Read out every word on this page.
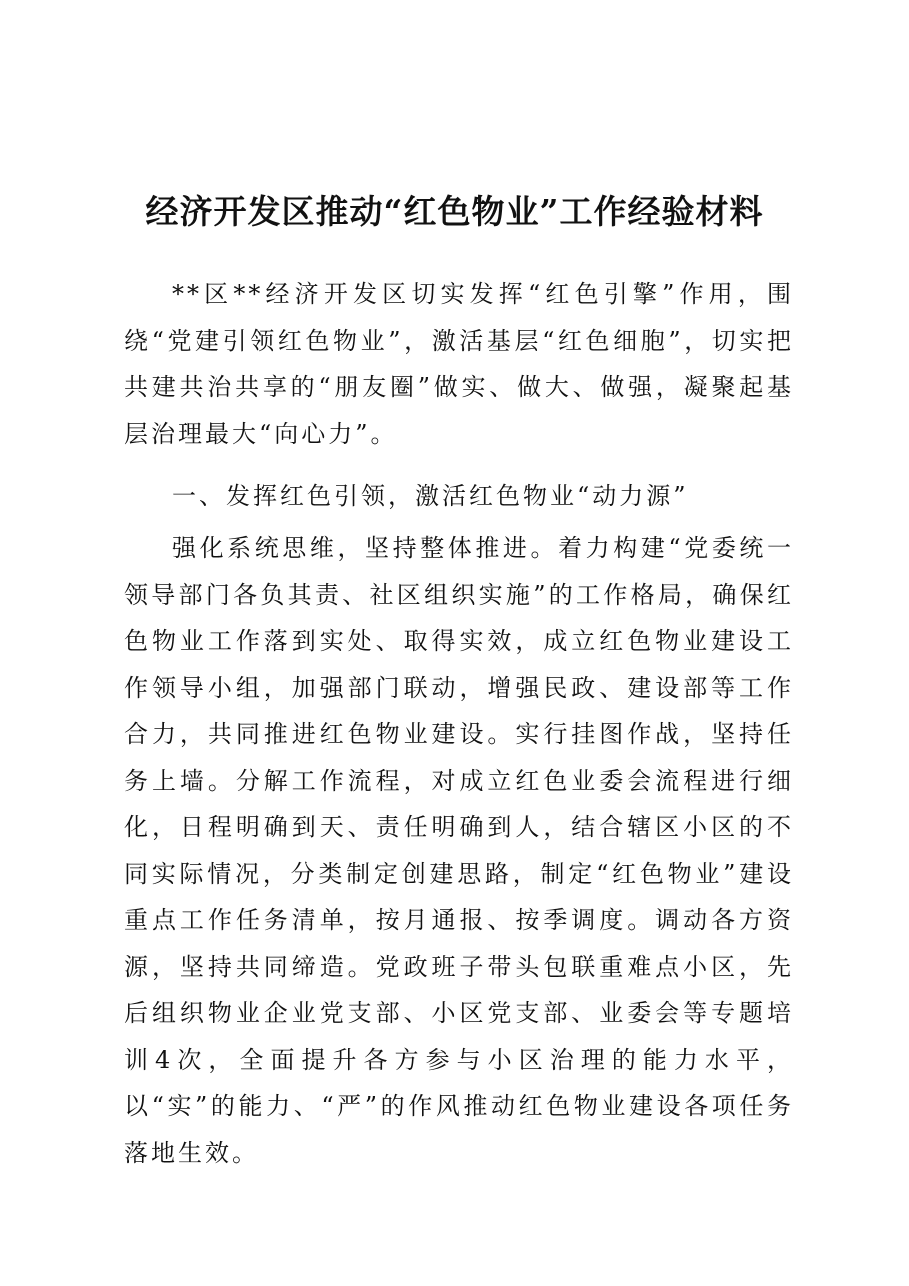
经济开发区推动“红色物业”工作经验材料

**区**经济开发区切实发挥“红色引擎”作用，围绕“党建引领红色物业”，激活基层“红色细胞”，切实把共建共治共享的“朋友圈”做实、做大、做强，凝聚起基层治理最大“向心力”。

一、发挥红色引领，激活红色物业“动力源”

强化系统思维，坚持整体推进。着力构建“党委统一领导部门各负其责、社区组织实施”的工作格局，确保红色物业工作落到实处、取得实效，成立红色物业建设工作领导小组，加强部门联动，增强民政、建设部等工作合力，共同推进红色物业建设。实行挂图作战，坚持任务上墙。分解工作流程，对成立红色业委会流程进行细化，日程明确到天、责任明确到人，结合辖区小区的不同实际情况，分类制定创建思路，制定“红色物业”建设重点工作任务清单，按月通报、按季调度。调动各方资源，坚持共同缔造。党政班子带头包联重难点小区，先后组织物业企业党支部、小区党支部、业委会等专题培训4次，全面提升各方参与小区治理的能力水平，以“实”的能力、“严”的作风推动红色物业建设各项任务落地生效。
